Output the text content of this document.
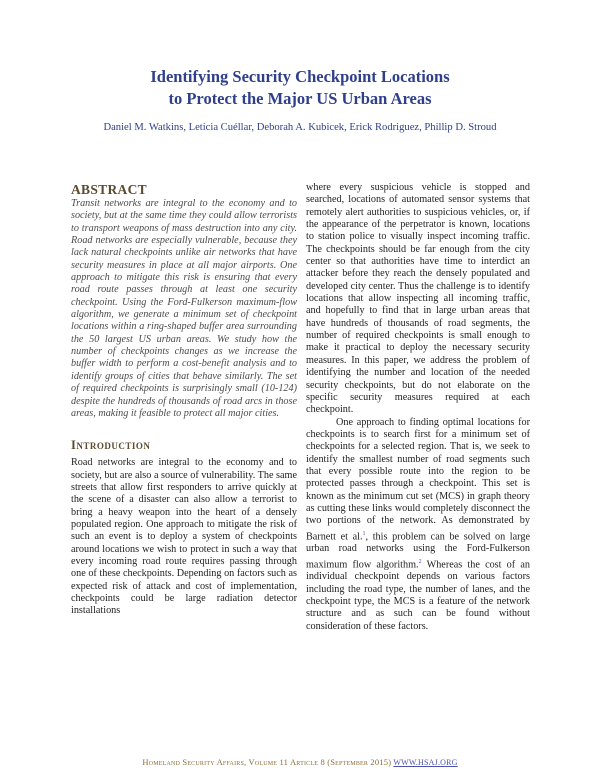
Identifying Security Checkpoint Locations
to Protect the Major US Urban Areas
Daniel M. Watkins, Leticia Cuéllar, Deborah A. Kubicek, Erick Rodriguez, Phillip D. Stroud
ABSTRACT

Transit networks are integral to the economy and to society, but at the same time they could allow terrorists to transport weapons of mass destruction into any city. Road networks are especially vulnerable, because they lack natural checkpoints unlike air networks that have security measures in place at all major airports. One approach to mitigate this risk is ensuring that every road route passes through at least one security checkpoint. Using the Ford-Fulkerson maximum-flow algorithm, we generate a minimum set of checkpoint locations within a ring-shaped buffer area surrounding the 50 largest US urban areas. We study how the number of checkpoints changes as we increase the buffer width to perform a cost-benefit analysis and to identify groups of cities that behave similarly. The set of required checkpoints is surprisingly small (10-124) despite the hundreds of thousands of road arcs in those areas, making it feasible to protect all major cities.

Introduction

Road networks are integral to the economy and to society, but are also a source of vulnerability. The same streets that allow first responders to arrive quickly at the scene of a disaster can also allow a terrorist to bring a heavy weapon into the heart of a densely populated region. One approach to mitigate the risk of such an event is to deploy a system of checkpoints around locations we wish to protect in such a way that every incoming road route requires passing through one of these checkpoints. Depending on factors such as expected risk of attack and cost of implementation, checkpoints could be large radiation detector installations

where every suspicious vehicle is stopped and searched, locations of automated sensor systems that remotely alert authorities to suspicious vehicles, or, if the appearance of the perpetrator is known, locations to station police to visually inspect incoming traffic. The checkpoints should be far enough from the city center so that authorities have time to interdict an attacker before they reach the densely populated and developed city center. Thus the challenge is to identify locations that allow inspecting all incoming traffic, and hopefully to find that in large urban areas that have hundreds of thousands of road segments, the number of required checkpoints is small enough to make it practical to deploy the necessary security measures. In this paper, we address the problem of identifying the number and location of the needed security checkpoints, but do not elaborate on the specific security measures required at each checkpoint.

One approach to finding optimal locations for checkpoints is to search first for a minimum set of checkpoints for a selected region. That is, we seek to identify the smallest number of road segments such that every possible route into the region to be protected passes through a checkpoint. This set is known as the minimum cut set (MCS) in graph theory as cutting these links would completely disconnect the two portions of the network. As demonstrated by Barnett et al.$^1$, this problem can be solved on large urban road networks using the Ford-Fulkerson maximum flow algorithm.$^2$ Whereas the cost of an individual checkpoint depends on various factors including the road type, the number of lanes, and the checkpoint type, the MCS is a feature of the network structure and as such can be found without consideration of these factors.

Homeland Security Affairs, Volume 11 Article 8 (September 2015) WWW.HSAJ.ORG
